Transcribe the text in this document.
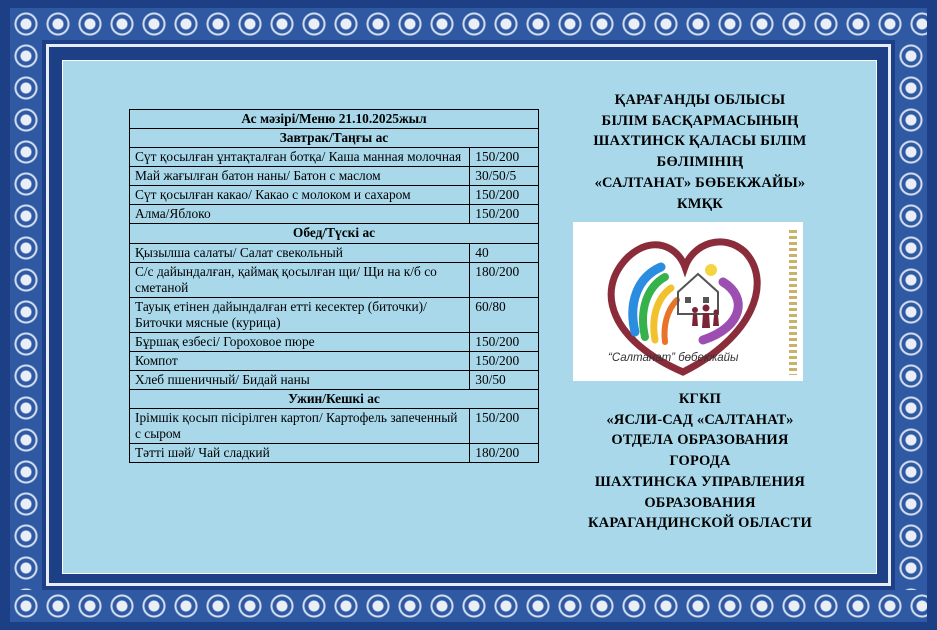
Ас мәзірі/Меню 21.10.2025жыл	
Завтрак/Таңғы ас	
Сүт қосылған ұнтақталған ботқа/ Каша манная молочная	150/200
Май жағылған батон наны/ Батон с маслом	30/50/5
Сүт қосылған какао/ Какао с молоком и сахаром	150/200
Алма/Яблоко	150/200
Обед/Түскі ас	
Қызылша салаты/ Салат свекольный	40
С/с дайындалған, қаймақ қосылған щи/ Щи на к/б со сметаной	180/200
Тауық етінен дайындалған етті кесектер (биточки)/ Биточки мясные (курица)	60/80
Бұршақ езбесі/ Гороховое пюре	150/200
Компот	150/200
Хлеб пшеничный/ Бидай наны	30/50
Ужин/Кешкі ас	
Ірімшік қосып пісірілген картоп/ Картофель запеченный с сыром	150/200
Тәтті шәй/ Чай сладкий	180/200
ҚАРАҒАНДЫ ОБЛЫСЫ
БІЛІМ БАСҚАРМАСЫНЫҢ
ШАХТИНСК ҚАЛАСЫ БІЛІМ
БӨЛІМІНІҢ
«САЛТАНАТ» БӨБЕКЖАЙЫ»
КМҚК
“Салтанат” бөбекжайы
КГКП
«ЯСЛИ-САД «САЛТАНАТ»
ОТДЕЛА ОБРАЗОВАНИЯ
ГОРОДА
ШАХТИНСКА УПРАВЛЕНИЯ
ОБРАЗОВАНИЯ
КАРАГАНДИНСКОЙ ОБЛАСТИ
